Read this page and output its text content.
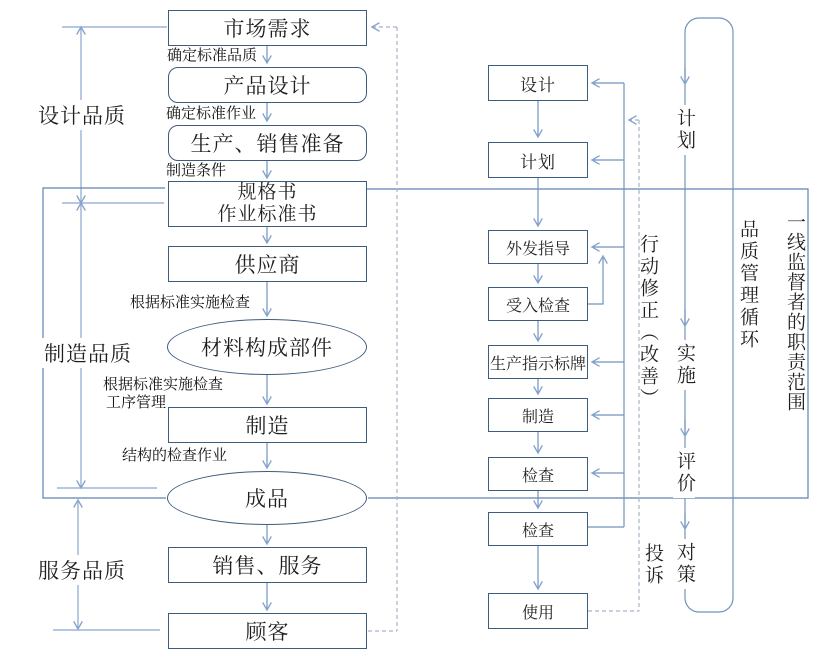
市场需求
产品设计
生产、销售准备
规格书
作业标准书
供应商
材料构成部件
制造
成品
销售、服务
顾客
确定标准品质
确定标准作业
制造条件
根据标准实施检查
根据标准实施检查
工序管理
结构的检查作业
设计品质
制造品质
服务品质
设计
计划
外发指导
受入检查
生产指示标牌
制造
检查
检查
使用
行动修正（改善）
计划
实施
评价
对策
投诉
品质管理循环 一线监督者的职责范围
